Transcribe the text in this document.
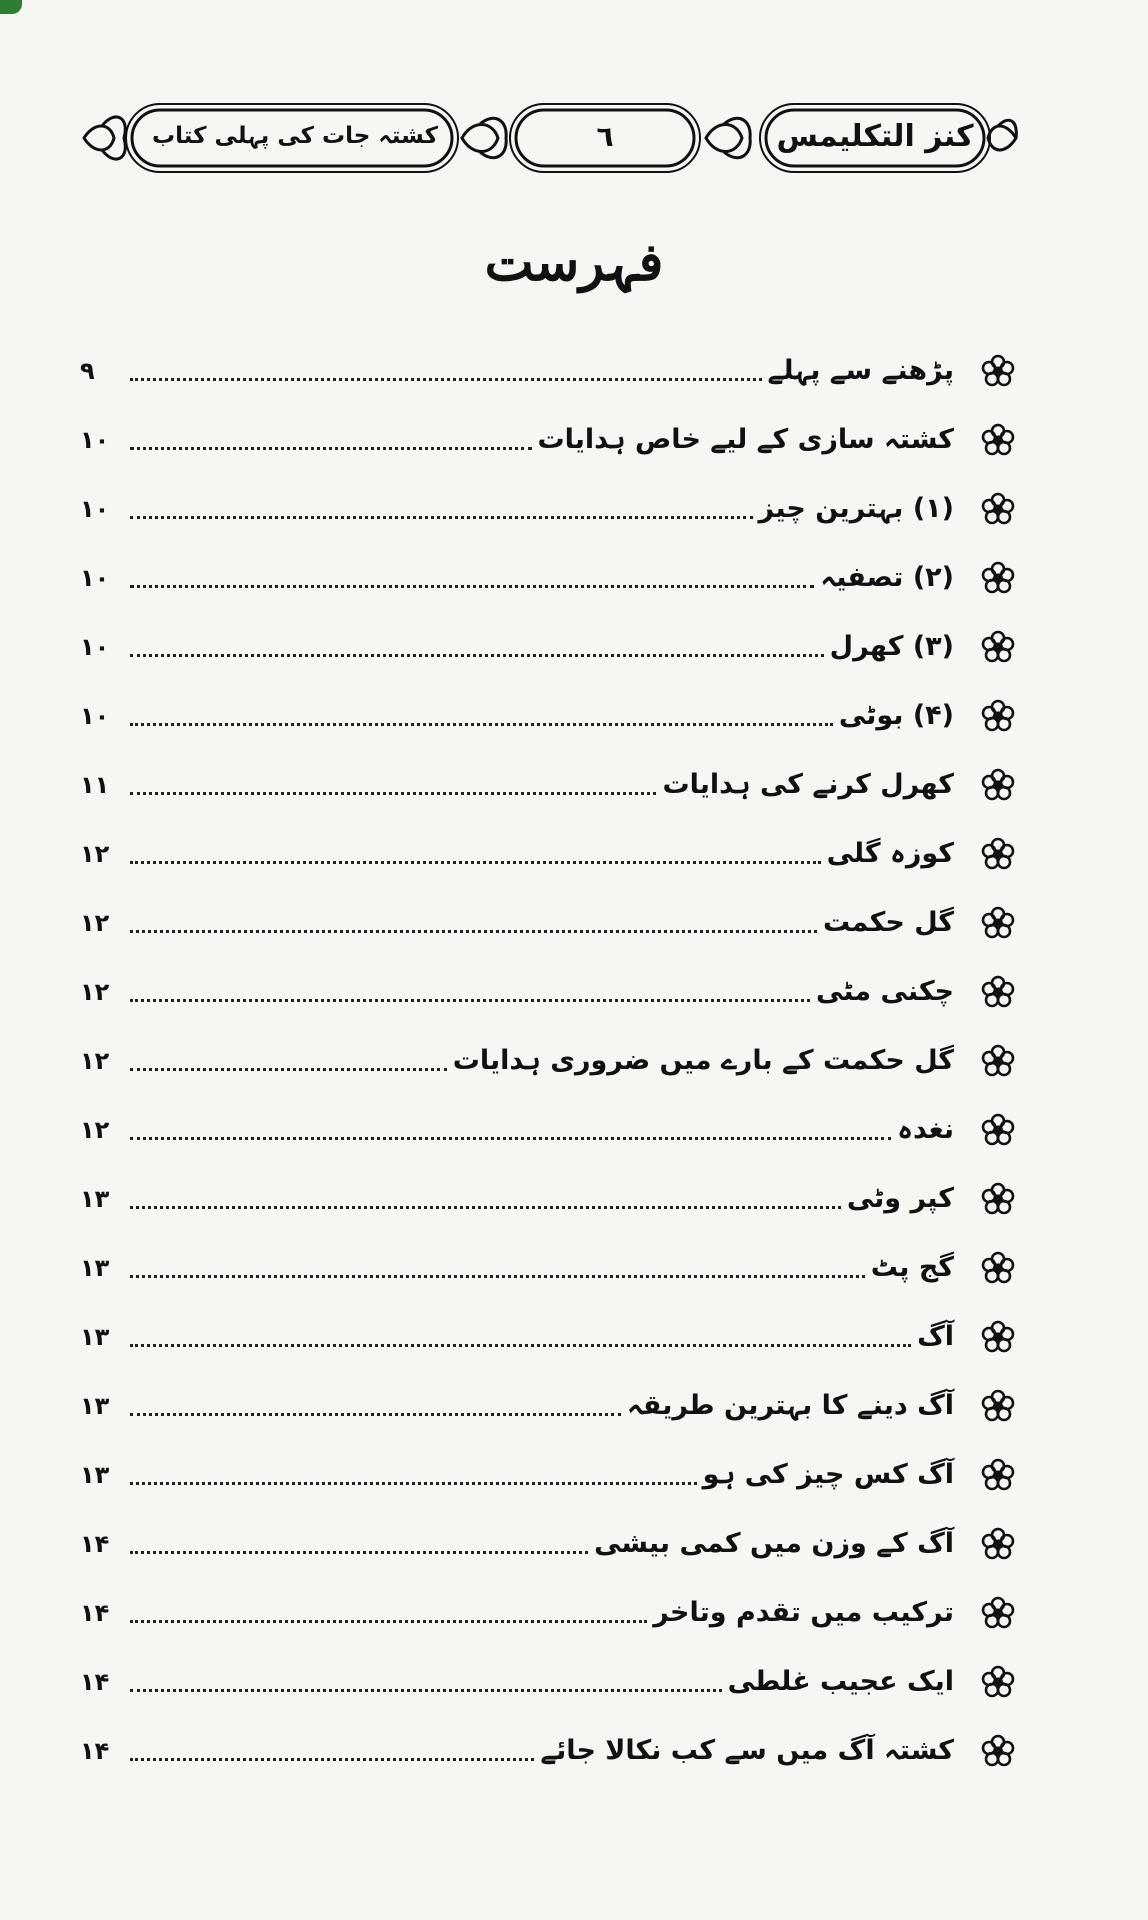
کنز التکلیمس
٦
کشتہ جات کی پہلی کتاب
فہرست
پڑھنے سے پہلے
۹
کشتہ سازی کے لیے خاص ہدایات
۱۰
(۱) بہترین چیز
۱۰
(۲) تصفیہ
۱۰
(۳) کھرل
۱۰
(۴) بوٹی
۱۰
کھرل کرنے کی ہدایات
۱۱
کوزہ گلی
۱۲
گل حکمت
۱۲
چکنی مٹی
۱۲
گل حکمت کے بارے میں ضروری ہدایات
۱۲
نغدہ
۱۲
کپر وٹی
۱۳
گج پٹ
۱۳
آگ
۱۳
آگ دینے کا بہترین طریقہ
۱۳
آگ کس چیز کی ہو
۱۳
آگ کے وزن میں کمی بیشی
۱۴
ترکیب میں تقدم وتاخر
۱۴
ایک عجیب غلطی
۱۴
کشتہ آگ میں سے کب نکالا جائے
۱۴
